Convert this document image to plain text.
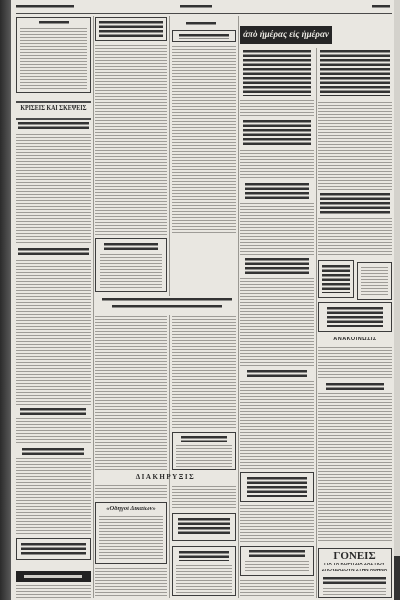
ΚΡΙΣΕΙΣ ΚΑΙ ΣΚΕΨΕΙΣ
ΔΙΑΚΗΡΥΞΙΣ
«Οδηγοί Δικαίων»
ἀπὸ ἡμέρας εἰς ἡμέραν
ΑΝΑΚΟΙΝΩΣΙΣ
ΓΟΝΕΙΣ
ΓΙΑ ΤΑ ΚΟΡΙΤΣΙΑ ΣΑΣ ΠΟΥ
ΣΠΟΥΔΑΖΟΥΝ ΣΤΗΝ ΑΘΗΝΑ
